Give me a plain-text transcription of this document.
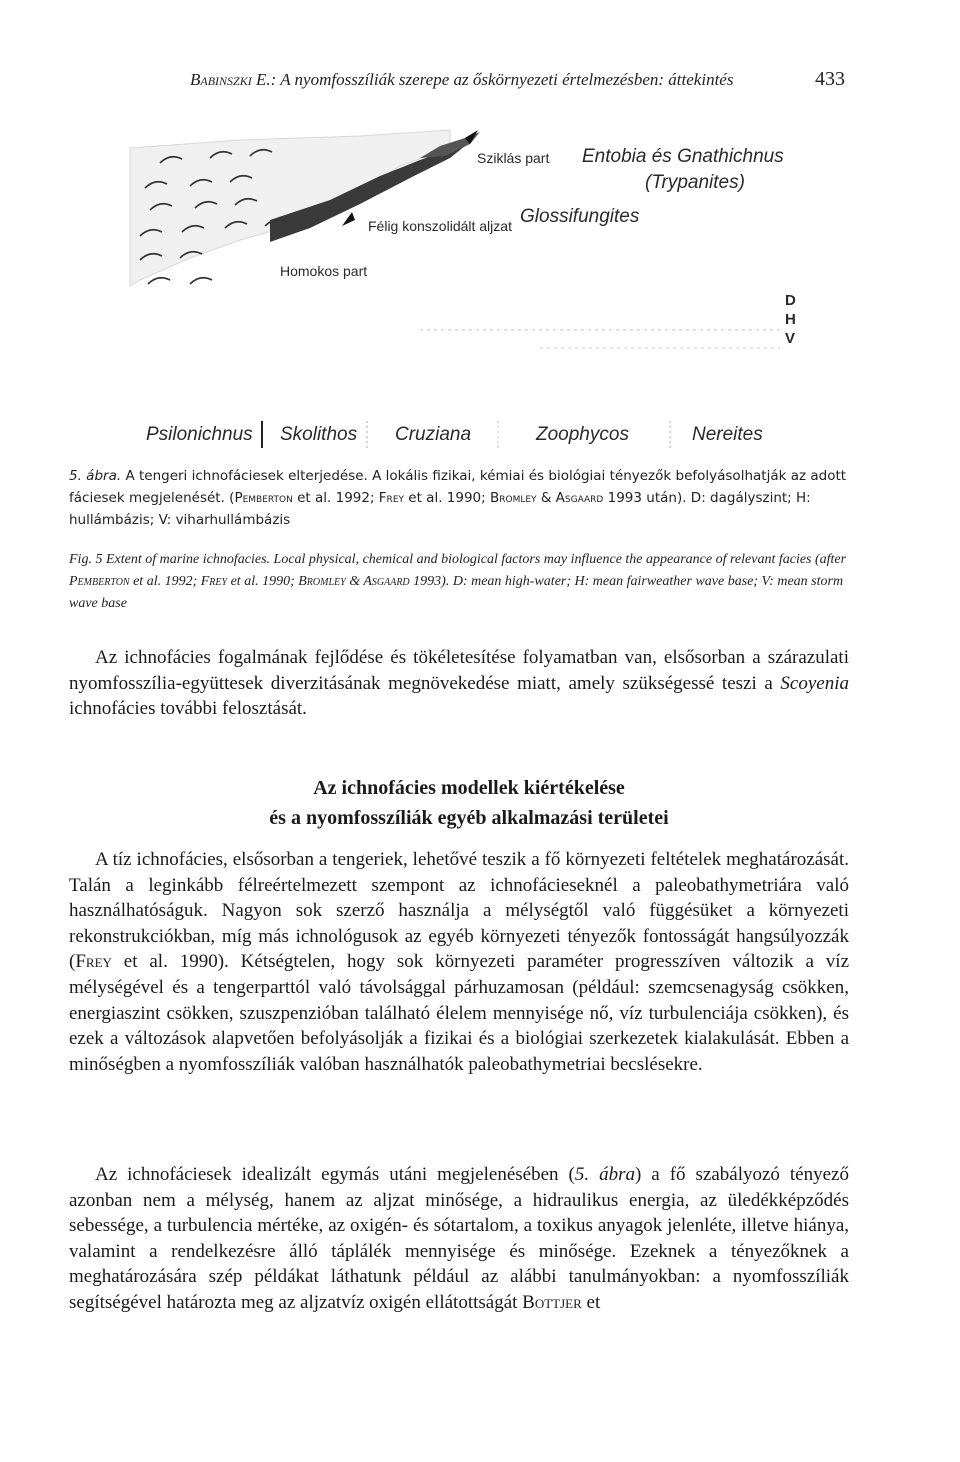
Babinszki E.: A nyomfosszíliák szerepe az őskörnyezeti értelmezésben: áttekintés	433
Sziklás part
Félig konszolidált aljzat
Homokos part
Entobia és Gnathichnus
(Trypanites)
Glossifungites
D
H
V
Psilonichnus Skolithos Cruziana	Zoophycos	Nereites
5. ábra. A tengeri ichnofáciesek elterjedése. A lokális fizikai, kémiai és biológiai tényezők befolyásolhatják az adott fáciesek megjelenését. (Pemberton et al. 1992; Frey et al. 1990; Bromley & Asgaard 1993 után). D: dagályszint; H: hullámbázis; V: viharhullámbázis
Fig. 5 Extent of marine ichnofacies. Local physical, chemical and biological factors may influence the appearance of relevant facies (after Pemberton et al. 1992; Frey et al. 1990; Bromley & Asgaard 1993). D: mean high-water; H: mean fairweather wave base; V: mean storm wave base

Az ichnofácies fogalmának fejlődése és tökéletesítése folyamatban van, elsősorban a szárazulati nyomfosszília-együttesek diverzitásának megnövekedése miatt, amely szükségessé teszi a Scoyenia ichnofácies további felosztását.

Az ichnofácies modellek kiértékelése
és a nyomfosszíliák egyéb alkalmazási területei

A tíz ichnofácies, elsősorban a tengeriek, lehetővé teszik a fő környezeti feltételek meghatározását. Talán a leginkább félreértelmezett szempont az ichnofácieseknél a paleobathymetriára való használhatóságuk. Nagyon sok szerző használja a mélységtől való függésüket a környezeti rekonstrukciókban, míg más ichnológusok az egyéb környezeti tényezők fontosságát hangsúlyozzák (Frey et al. 1990). Kétségtelen, hogy sok környezeti paraméter progresszíven változik a víz mélységével és a tengerparttól való távolsággal párhuzamosan (például: szemcsenagyság csökken, energiaszint csökken, szuszpenzióban található élelem mennyisége nő, víz turbulenciája csökken), és ezek a változások alapvetően befolyásolják a fizikai és a biológiai szerkezetek kialakulását. Ebben a minőségben a nyomfosszíliák valóban használhatók paleobathymetriai becslésekre.

Az ichnofáciesek idealizált egymás utáni megjelenésében (5. ábra) a fő szabályozó tényező azonban nem a mélység, hanem az aljzat minősége, a hidraulikus energia, az üledékképződés sebessége, a turbulencia mértéke, az oxigén- és sótartalom, a toxikus anyagok jelenléte, illetve hiánya, valamint a rendelkezésre álló táplálék mennyisége és minősége. Ezeknek a tényezőknek a meghatározására szép példákat láthatunk például az alábbi tanulmányokban: a nyomfosszíliák segítségével határozta meg az aljzatvíz oxigén ellátottságát Bottjer et
